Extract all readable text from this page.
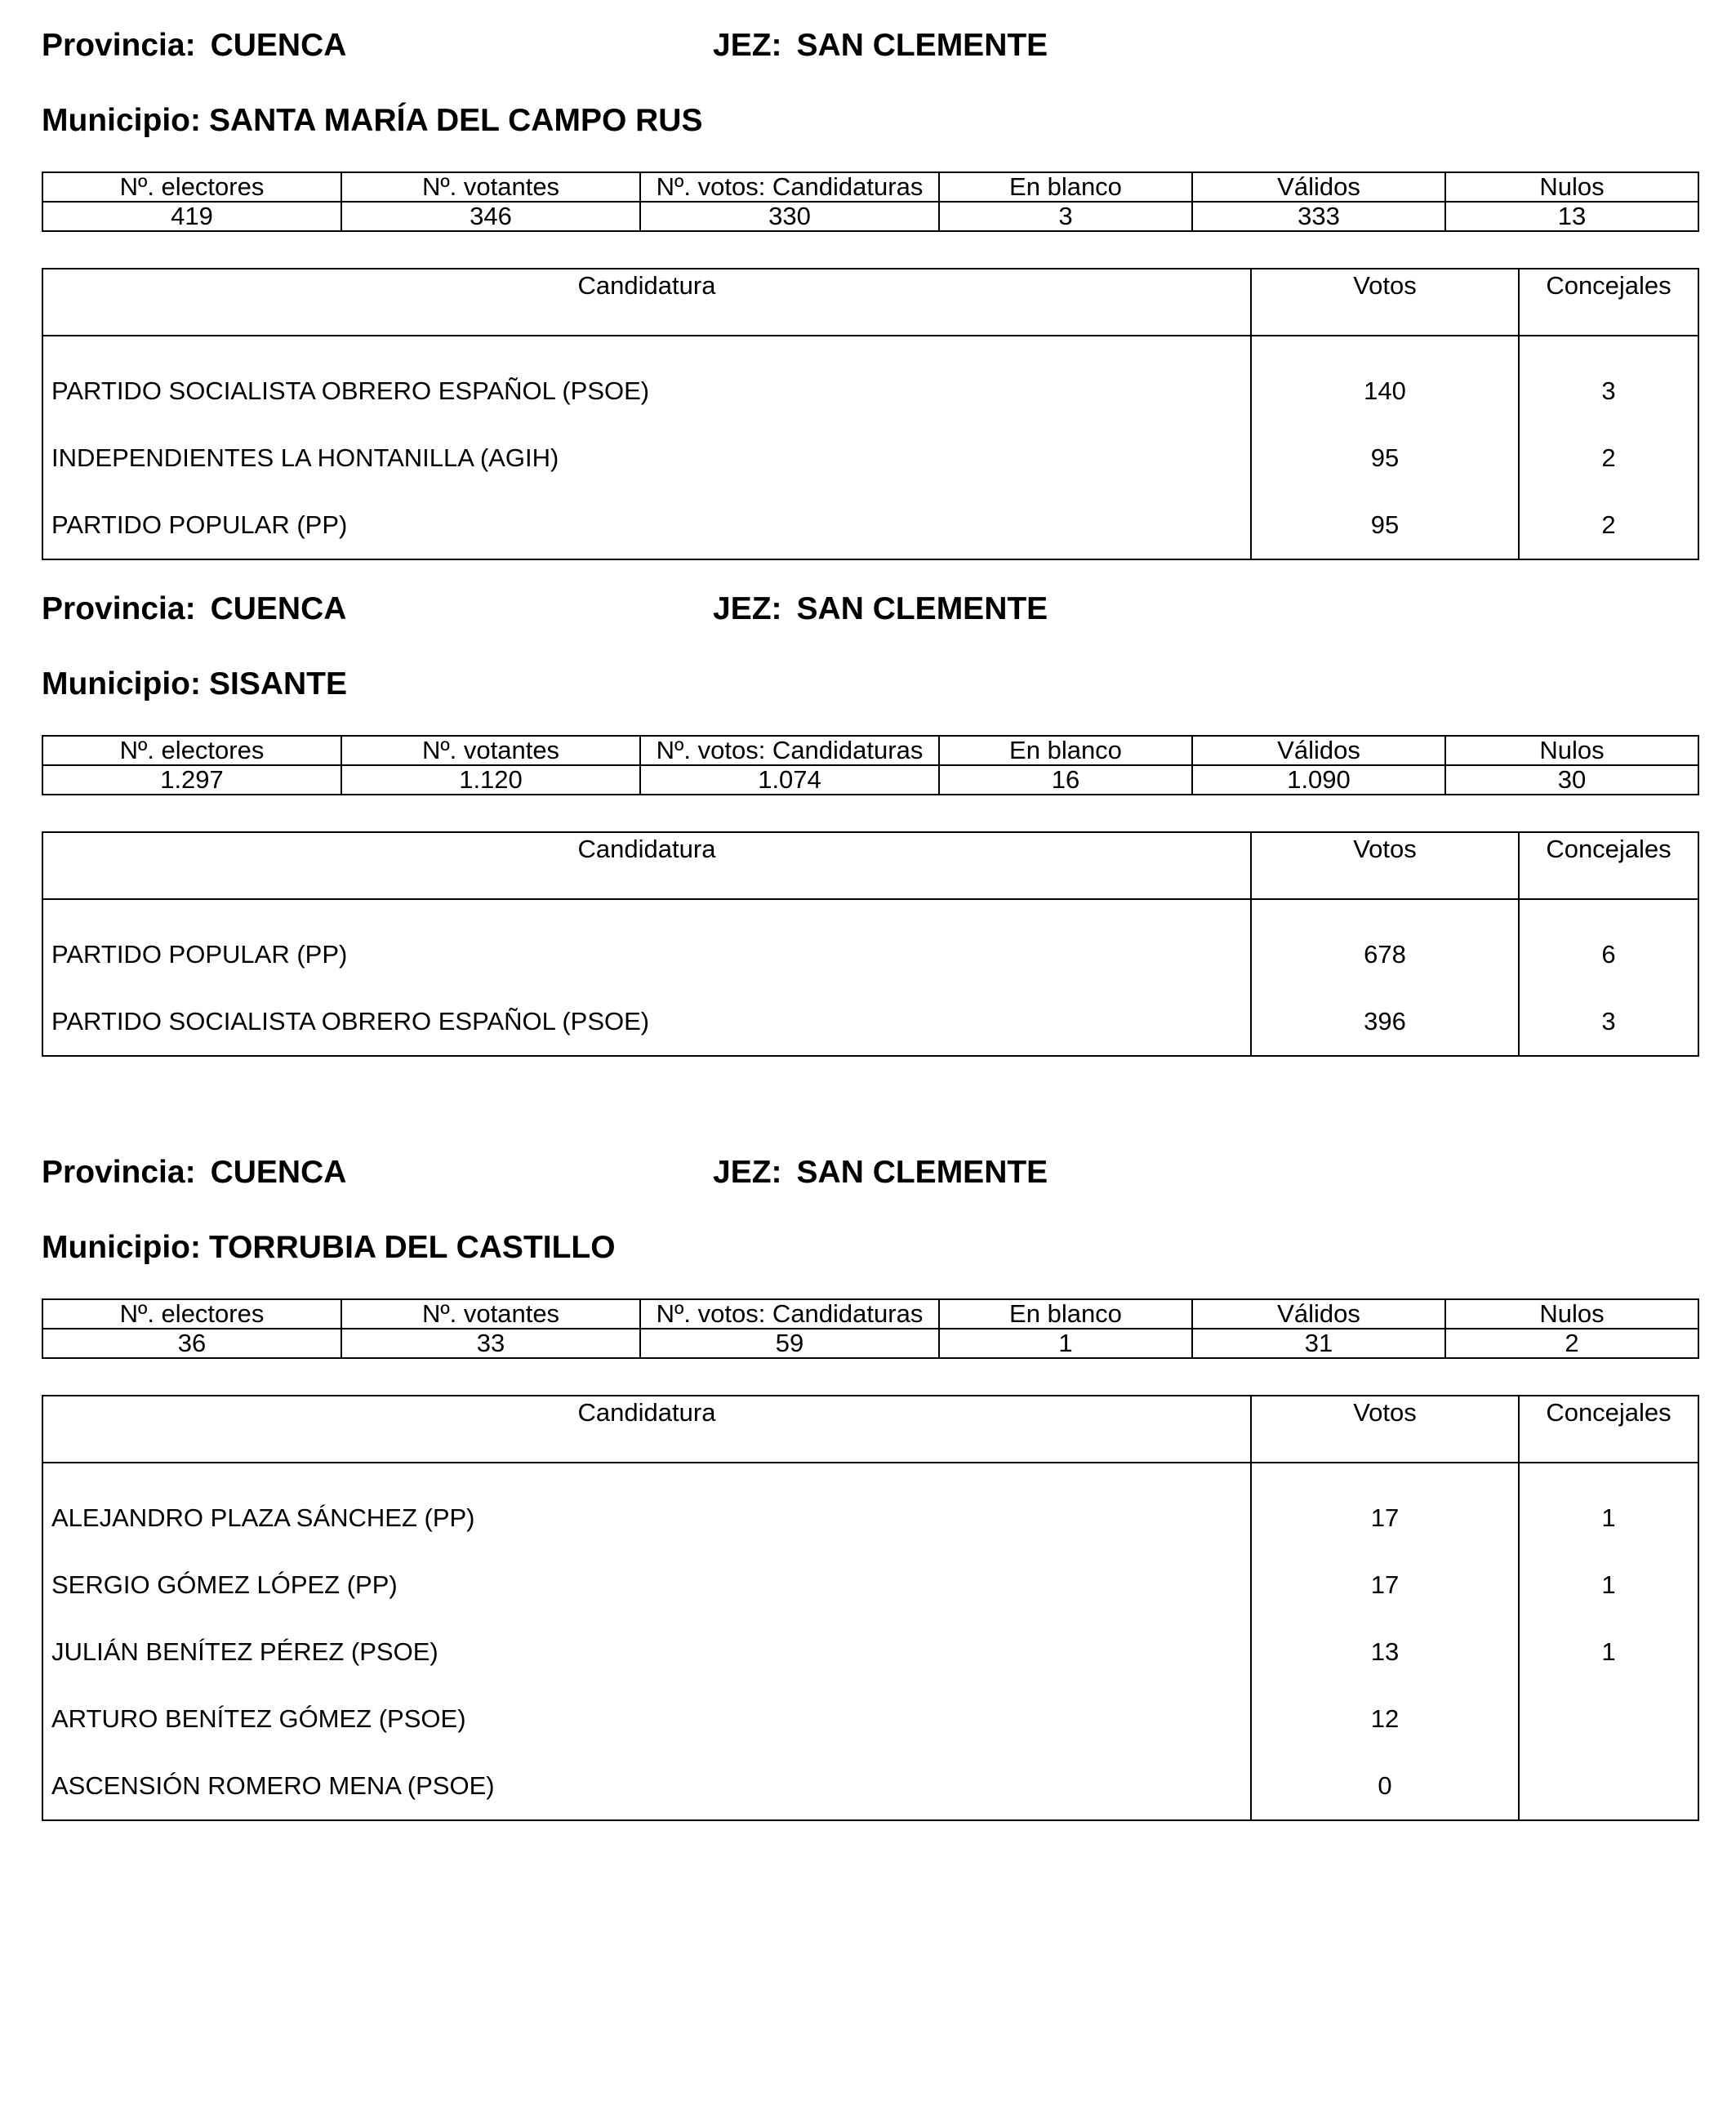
Provincia: CUENCA	JEZ: SAN CLEMENTE
Municipio: SANTA MARÍA DEL CAMPO RUS
Nº. electores	Nº. votantes	Nº. votos: Candidaturas	En blanco	Válidos	Nulos
419	346	330	3	333	13
Candidatura	Votos	Concejales
PARTIDO SOCIALISTA OBRERO ESPAÑOL (PSOE)	140	3
INDEPENDIENTES LA HONTANILLA (AGIH)	95	2
PARTIDO POPULAR (PP)	95	2
Provincia: CUENCA	JEZ: SAN CLEMENTE
Municipio: SISANTE
Nº. electores	Nº. votantes	Nº. votos: Candidaturas	En blanco	Válidos	Nulos
1.297	1.120	1.074	16	1.090	30
Candidatura	Votos	Concejales
PARTIDO POPULAR (PP)	678	6
PARTIDO SOCIALISTA OBRERO ESPAÑOL (PSOE)	396	3
Provincia: CUENCA	JEZ: SAN CLEMENTE
Municipio: TORRUBIA DEL CASTILLO
Nº. electores	Nº. votantes	Nº. votos: Candidaturas	En blanco	Válidos	Nulos
36	33	59	1	31	2
Candidatura	Votos	Concejales
ALEJANDRO PLAZA SÁNCHEZ (PP)	17	1
SERGIO GÓMEZ LÓPEZ (PP)	17	1
JULIÁN BENÍTEZ PÉREZ (PSOE)	13	1
ARTURO BENÍTEZ GÓMEZ (PSOE)	12	
ASCENSIÓN ROMERO MENA (PSOE)	0	
